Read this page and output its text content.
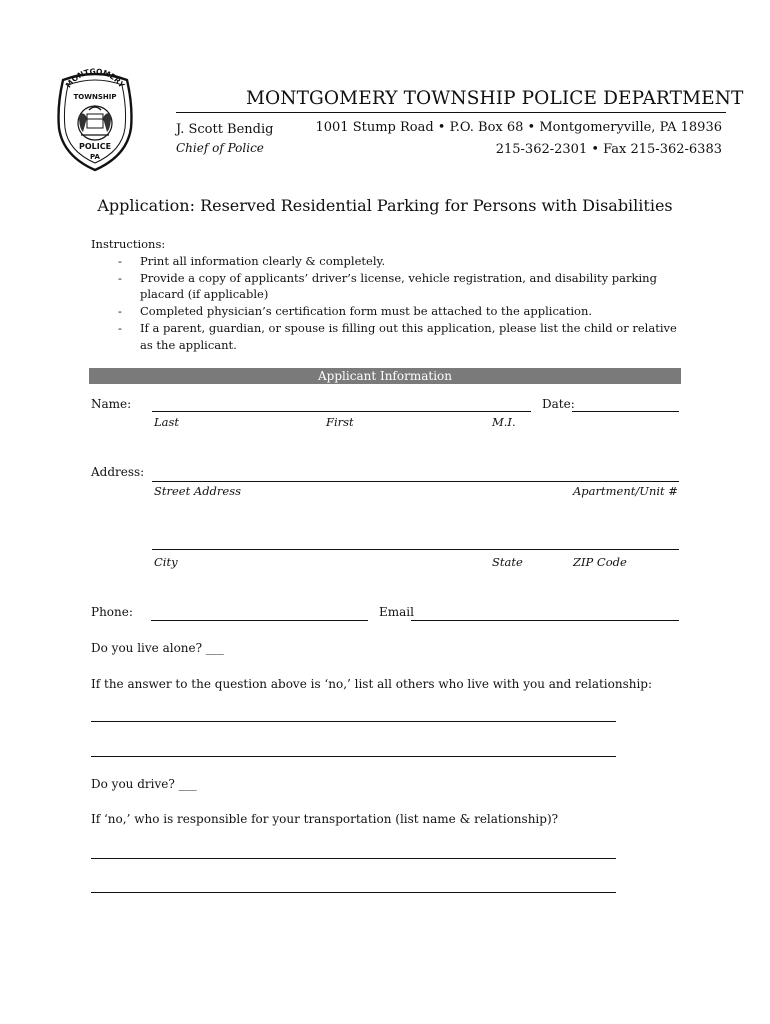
MONTGOMERY
TOWNSHIP
POLICE
PA
MONTGOMERY TOWNSHIP POLICE DEPARTMENT
J. Scott Bendig
Chief of Police
1001 Stump Road • P.O. Box 68 • Montgomeryville, PA 18936
215-362-2301 • Fax 215-362-6383
Application: Reserved Residential Parking for Persons with Disabilities
Instructions:
- Print all information clearly & completely.
- Provide a copy of applicants’ driver’s license, vehicle registration, and disability parking placard (if applicable)
- Completed physician’s certification form must be attached to the application.
- If a parent, guardian, or spouse is filling out this application, please list the child or relative as the applicant.
Applicant Information
Name:	Date:
Last	First	M.I.
Address:
Street Address	Apartment/Unit #
City	State	ZIP Code
Phone:	Email
Do you live alone? ___
If the answer to the question above is ‘no,’ list all others who live with you and relationship:
Do you drive? ___
If ‘no,’ who is responsible for your transportation (list name & relationship)?
